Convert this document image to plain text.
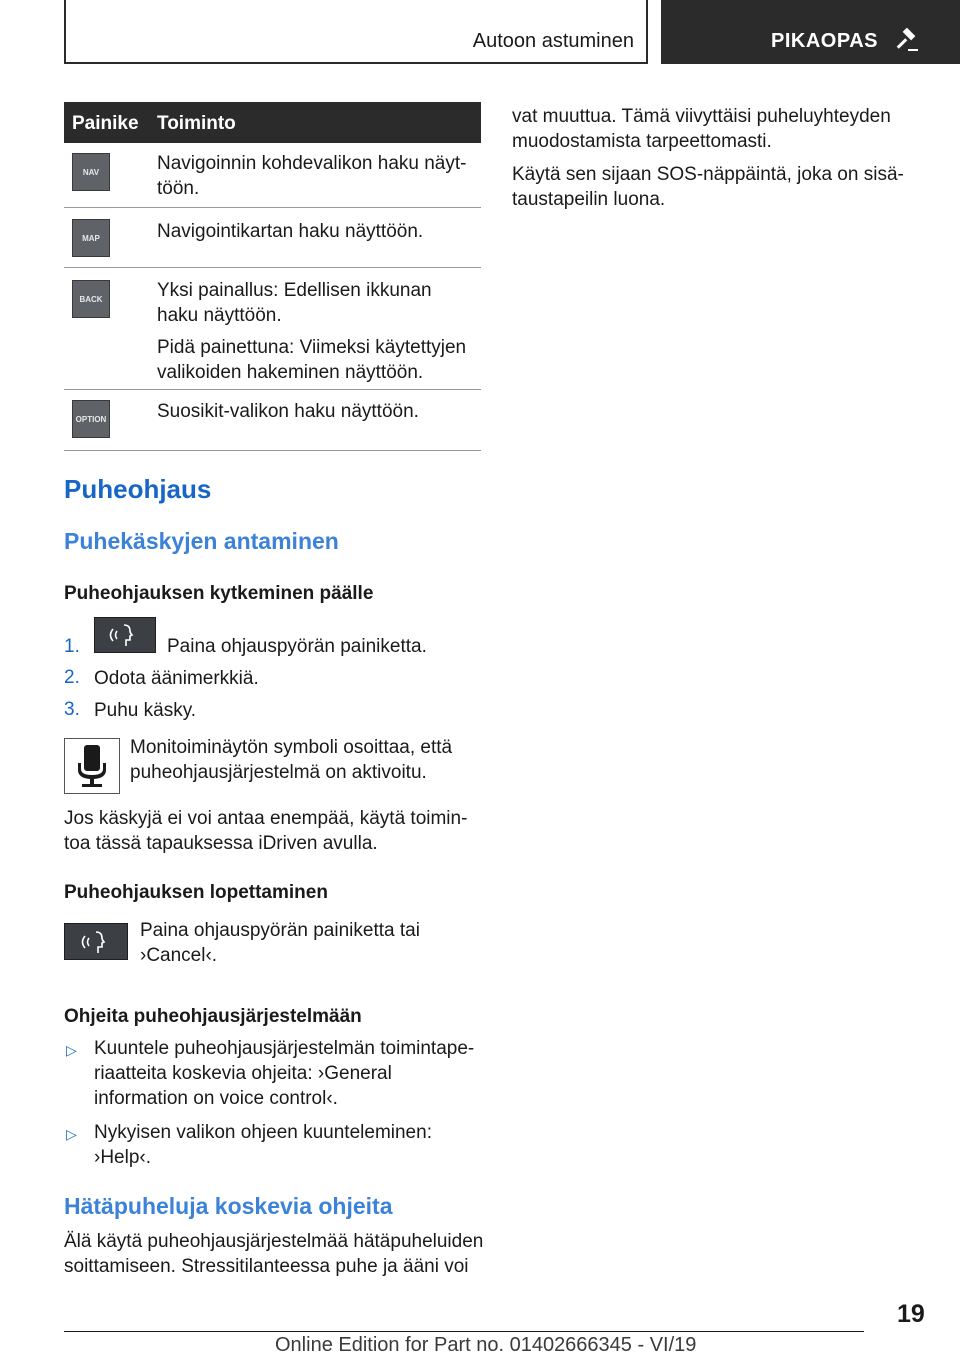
Autoon astuminen	PIKAOPAS
Painike Toiminto
NAV	Navigoinnin kohdevalikon haku näyttöön.

MAP	Navigointikartan haku näyttöön.

BACK	Yksi painallus: Edellisen ikkunan haku näyttöön.

Pidä painettuna: Viimeksi käytettyjen valikoiden hakeminen näyttöön.

OPTION	Suosikit-valikon haku näyttöön.

Puheohjaus
Puhekäskyjen antaminen
Puheohjauksen kytkeminen päälle
1.	Paina ohjauspyörän painiketta.
2. Odota äänimerkkiä.
3. Puhu käsky.
Monitoiminäytön symboli osoittaa, että puheohjausjärjestelmä on aktivoitu.
Jos käskyjä ei voi antaa enempää, käytä toimintoa tässä tapauksessa iDriven avulla.
Puheohjauksen lopettaminen
Paina ohjauspyörän painiketta tai ›Cancel‹.
Ohjeita puheohjausjärjestelmään
▷ Kuuntele puheohjausjärjestelmän toimintaperiaatteita koskevia ohjeita: ›General information on voice control‹.
▷ Nykyisen valikon ohjeen kuunteleminen: ›Help‹.
Hätäpuheluja koskevia ohjeita
Älä käytä puheohjausjärjestelmää hätäpuheluiden soittamiseen. Stressitilanteessa puhe ja ääni voi
vat muuttua. Tämä viivyttäisi puheluyhteyden muodostamista tarpeettomasti.
Käytä sen sijaan SOS-näppäintä, joka on sisätaustapeilin luona.
19
Online Edition for Part no. 01402666345 - VI/19
